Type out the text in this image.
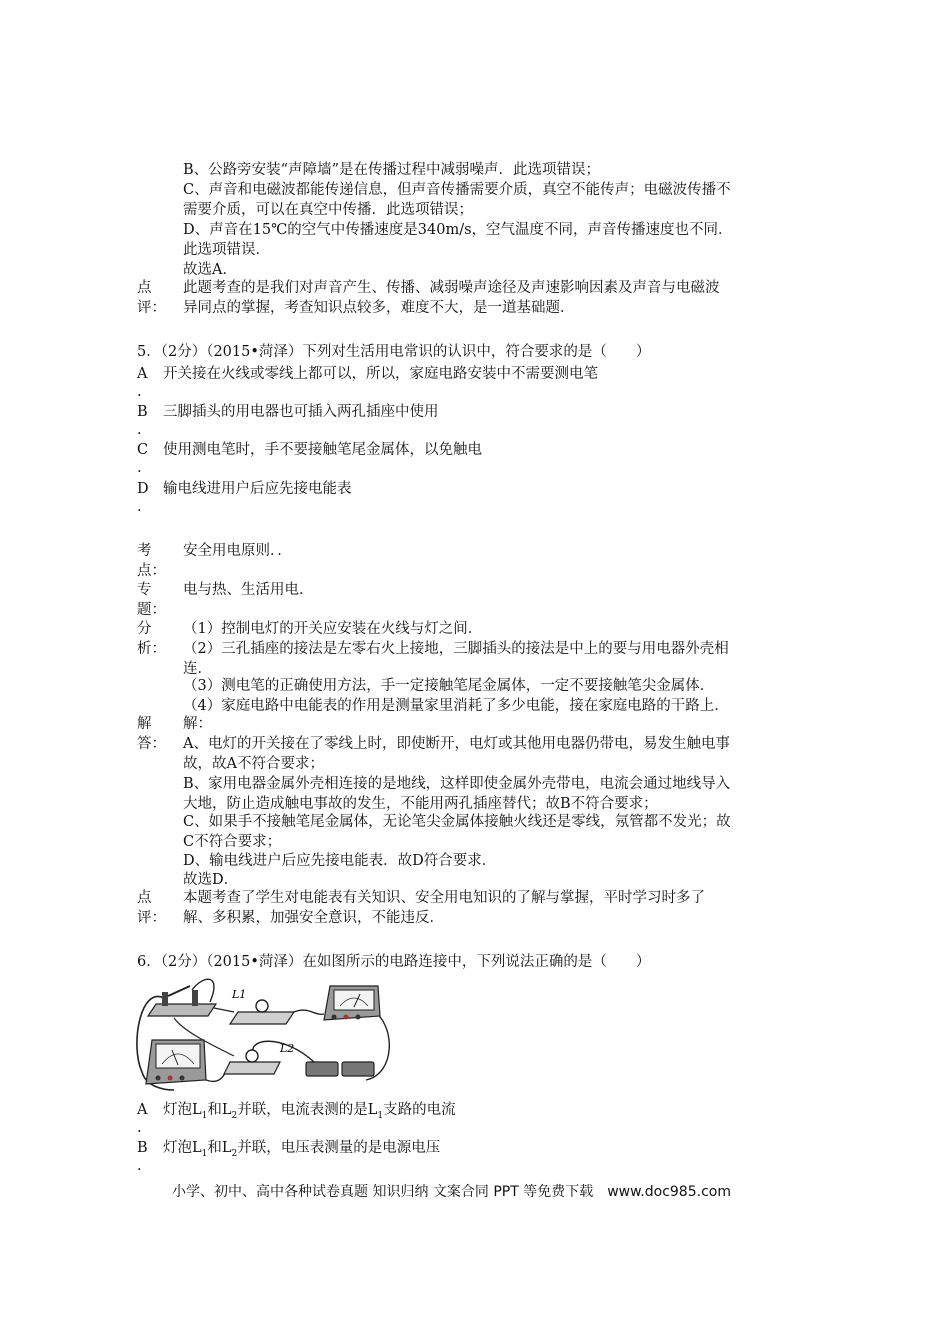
B、公路旁安装“声障墙”是在传播过程中减弱噪声．此选项错误；
C、声音和电磁波都能传递信息，但声音传播需要介质，真空不能传声；电磁波传播不
需要介质，可以在真空中传播．此选项错误；
D、声音在15℃的空气中传播速度是340m/s，空气温度不同，声音传播速度也不同．
此选项错误．
故选A．
点
评：
此题考查的是我们对声音产生、传播、减弱噪声途径及声速影响因素及声音与电磁波
异同点的掌握，考查知识点较多，难度不大，是一道基础题．
5．（2分）（2015•菏泽）下列对生活用电常识的认识中，符合要求的是（　　）
A 开关接在火线或零线上都可以，所以，家庭电路安装中不需要测电笔
.
B 三脚插头的用电器也可插入两孔插座中使用
.
C 使用测电笔时，手不要接触笔尾金属体，以免触电
.
D 输电线进用户后应先接电能表
.
考
点：
安全用电原则．．
专
题：
电与热、生活用电．
分
析：
（1）控制电灯的开关应安装在火线与灯之间．
（2）三孔插座的接法是左零右火上接地，三脚插头的接法是中上的要与用电器外壳相
连．
（3）测电笔的正确使用方法，手一定接触笔尾金属体，一定不要接触笔尖金属体．
（4）家庭电路中电能表的作用是测量家里消耗了多少电能，接在家庭电路的干路上．
解
答：
解：
A、电灯的开关接在了零线上时，即使断开，电灯或其他用电器仍带电，易发生触电事
故，故A不符合要求；
B、家用电器金属外壳相连接的是地线，这样即使金属外壳带电，电流会通过地线导入
大地，防止造成触电事故的发生，不能用两孔插座替代；故B不符合要求；
C、如果手不接触笔尾金属体，无论笔尖金属体接触火线还是零线，氖管都不发光；故
C不符合要求；
D、输电线进户后应先接电能表．故D符合要求．
故选D．
点
评：
本题考查了学生对电能表有关知识、安全用电知识的了解与掌握，平时学习时多了
解、多积累，加强安全意识，不能违反．
6．（2分）（2015•菏泽）在如图所示的电路连接中，下列说法正确的是（　　）
L1
L2
A 灯泡$L_1$和$L_2$并联，电流表测的是$L_1$支路的电流
.
B 灯泡$L_1$和$L_2$并联，电压表测量的是电源电压
.
小学、初中、高中各种试卷真题 知识归纳 文案合同 PPT 等免费下载　www.doc985.com
